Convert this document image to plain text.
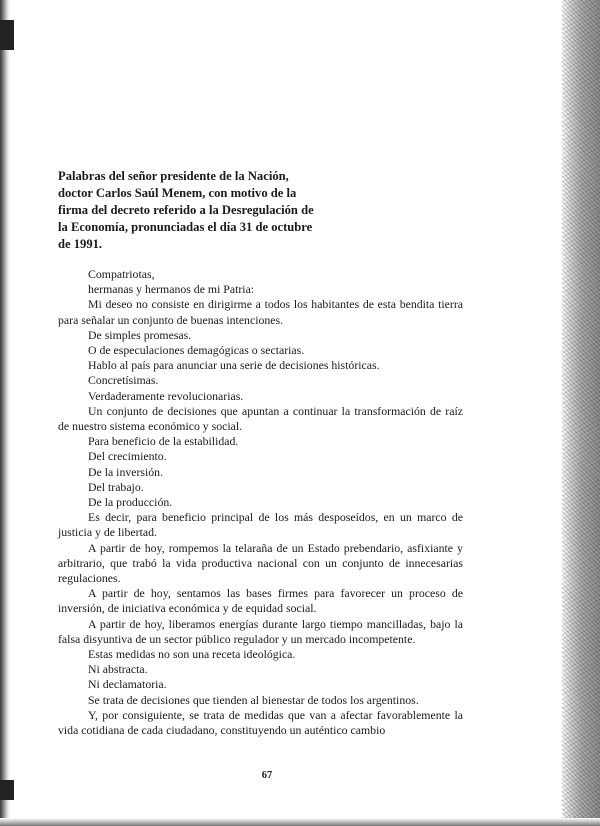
Palabras del señor presidente de la Nación,
doctor Carlos Saúl Menem, con motivo de la
firma del decreto referido a la Desregulación de
la Economía, pronunciadas el día 31 de octubre
de 1991.

Compatriotas,

hermanas y hermanos de mi Patria:

Mi deseo no consiste en dirigirme a todos los habitantes de esta bendita tierra para señalar un conjunto de buenas intenciones.

De simples promesas.

O de especulaciones demagógicas o sectarias.

Hablo al país para anunciar una serie de decisiones históricas.

Concretísimas.

Verdaderamente revolucionarias.

Un conjunto de decisiones que apuntan a continuar la transformación de raíz de nuestro sistema económico y social.

Para beneficio de la estabilidad.

Del crecimiento.

De la inversión.

Del trabajo.

De la producción.

Es decir, para beneficio principal de los más desposeídos, en un marco de justicia y de libertad.

A partir de hoy, rompemos la telaraña de un Estado prebendario, asfixiante y arbitrario, que trabó la vida productiva nacional con un conjunto de innecesarias regulaciones.

A partir de hoy, sentamos las bases firmes para favorecer un proceso de inversión, de iniciativa económica y de equidad social.

A partir de hoy, liberamos energías durante largo tiempo mancilladas, bajo la falsa disyuntiva de un sector público regulador y un mercado incompetente.

Estas medidas no son una receta ideológica.

Ni abstracta.

Ni declamatoria.

Se trata de decisiones que tienden al bienestar de todos los argentinos.

Y, por consiguiente, se trata de medidas que van a afectar favorablemente la vida cotidiana de cada ciudadano, constituyendo un auténtico cambio

67
